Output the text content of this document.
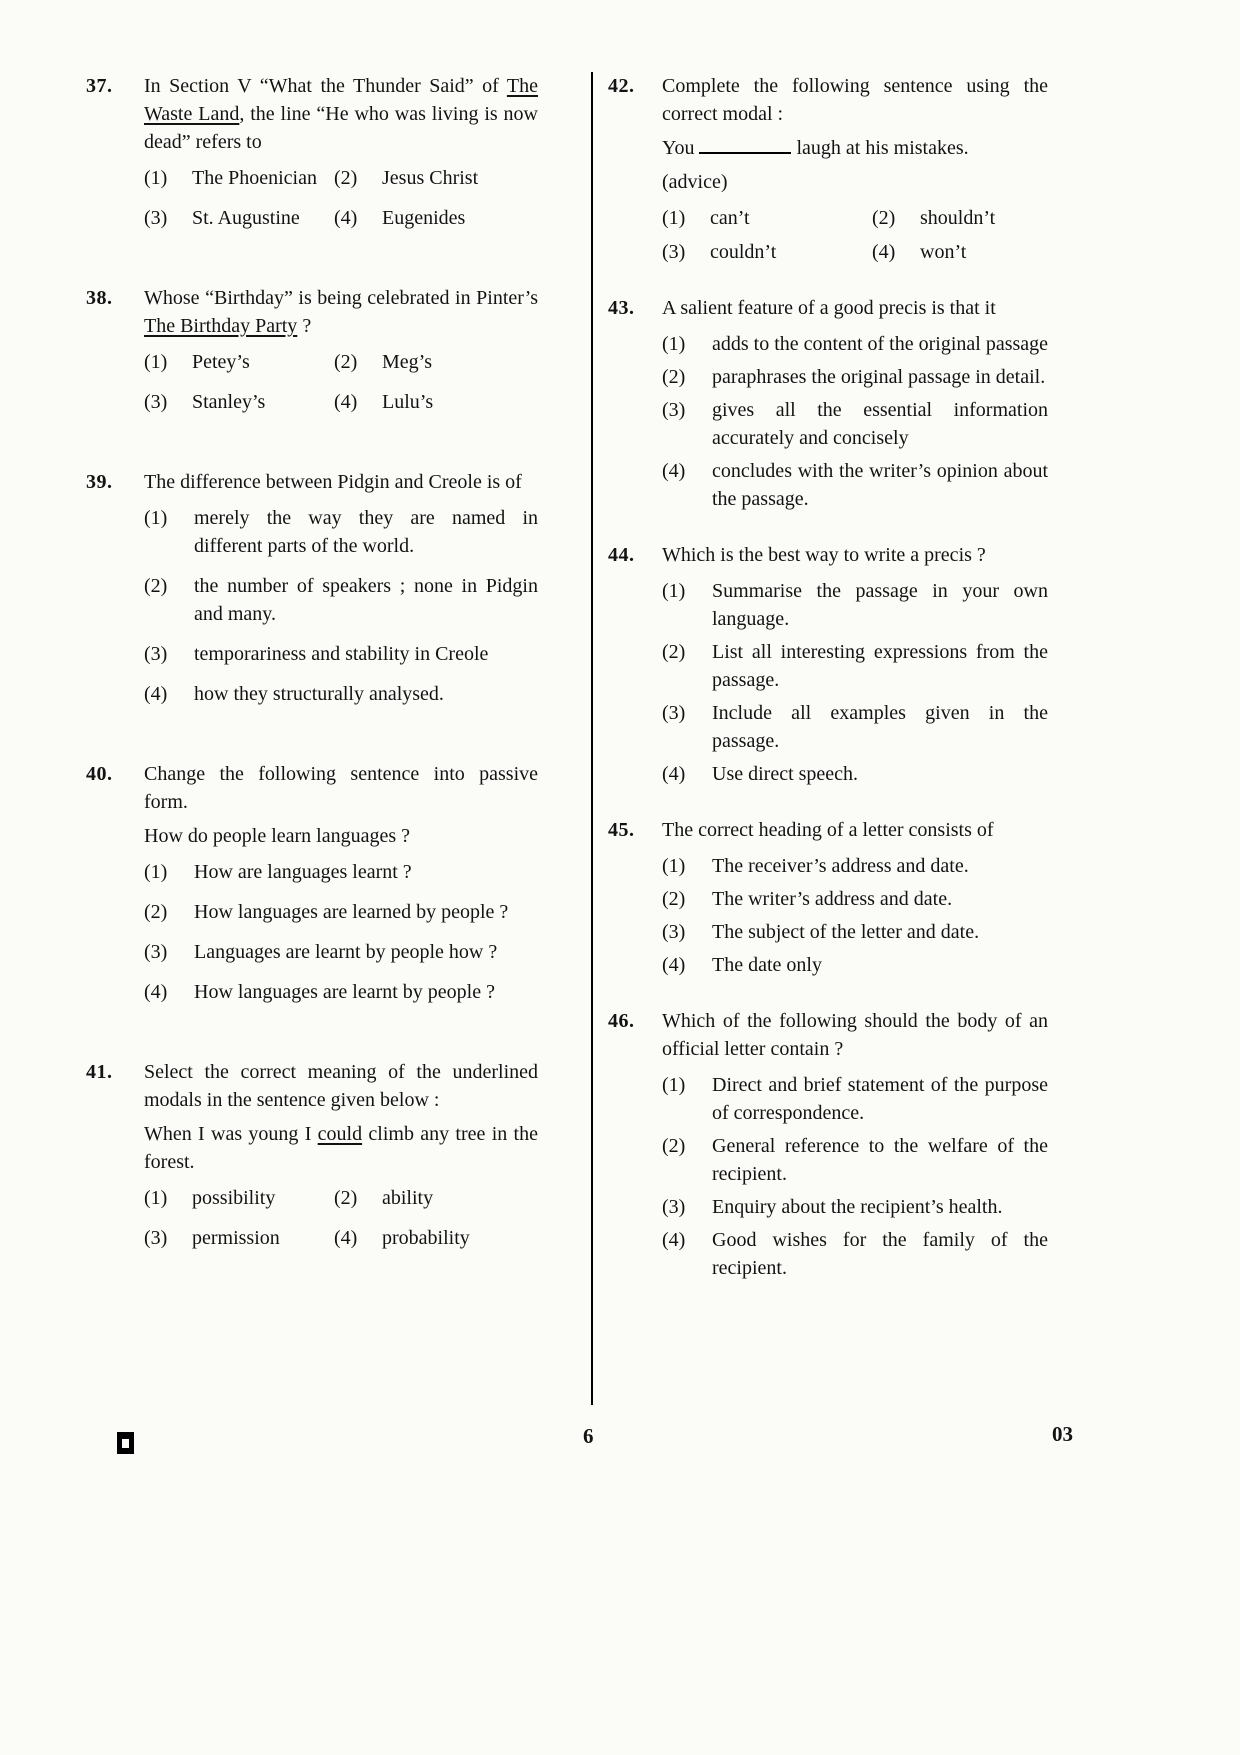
37.	In Section V “What the Thunder Said” of The Waste Land, the line “He who was living is now dead” refers to

(1)	The Phoenician (2)	Jesus Christ
(3)	St. Augustine	(4)	Eugenides
38.	Whose “Birthday” is being celebrated in Pinter’s The Birthday Party ?

(1)	Petey’s	(2)	Meg’s
(3)	Stanley’s	(4)	Lulu’s
39.	The difference between Pidgin and Creole is of

(1)	merely the way they are named in different parts of the world.
(2)	the number of speakers ; none in Pidgin and many.
(3)	temporariness and stability in Creole
(4)	how they structurally analysed.
40.	Change the following sentence into passive form.

How do people learn languages ?

(1)	How are languages learnt ?
(2)	How languages are learned by people ?
(3)	Languages are learnt by people how ?
(4)	How languages are learnt by people ?
41.	Select the correct meaning of the underlined modals in the sentence given below :

When I was young I could climb any tree in the forest.

(1)	possibility	(2)	ability
(3)	permission	(4)	probability
42.	Complete the following sentence using the correct modal :

You	laugh at his mistakes.

(advice)

(1)	can’t	(2)	shouldn’t
(3)	couldn’t	(4)	won’t
43.	A salient feature of a good precis is that it

(1)	adds to the content of the original passage
(2)	paraphrases the original passage in detail.
(3)	gives all the essential information accurately and concisely
(4)	concludes with the writer’s opinion about the passage.
44.	Which is the best way to write a precis ?

(1)	Summarise the passage in your own language.
(2)	List all interesting expressions from the passage.
(3)	Include all examples given in the passage.
(4)	Use direct speech.
45.	The correct heading of a letter consists of

(1)	The receiver’s address and date.
(2)	The writer’s address and date.
(3)	The subject of the letter and date.
(4)	The date only
46.	Which of the following should the body of an official letter contain ?

(1)	Direct and brief statement of the purpose of correspondence.
(2)	General reference to the welfare of the recipient.
(3)	Enquiry about the recipient’s health.
(4)	Good wishes for the family of the recipient.
6	03
